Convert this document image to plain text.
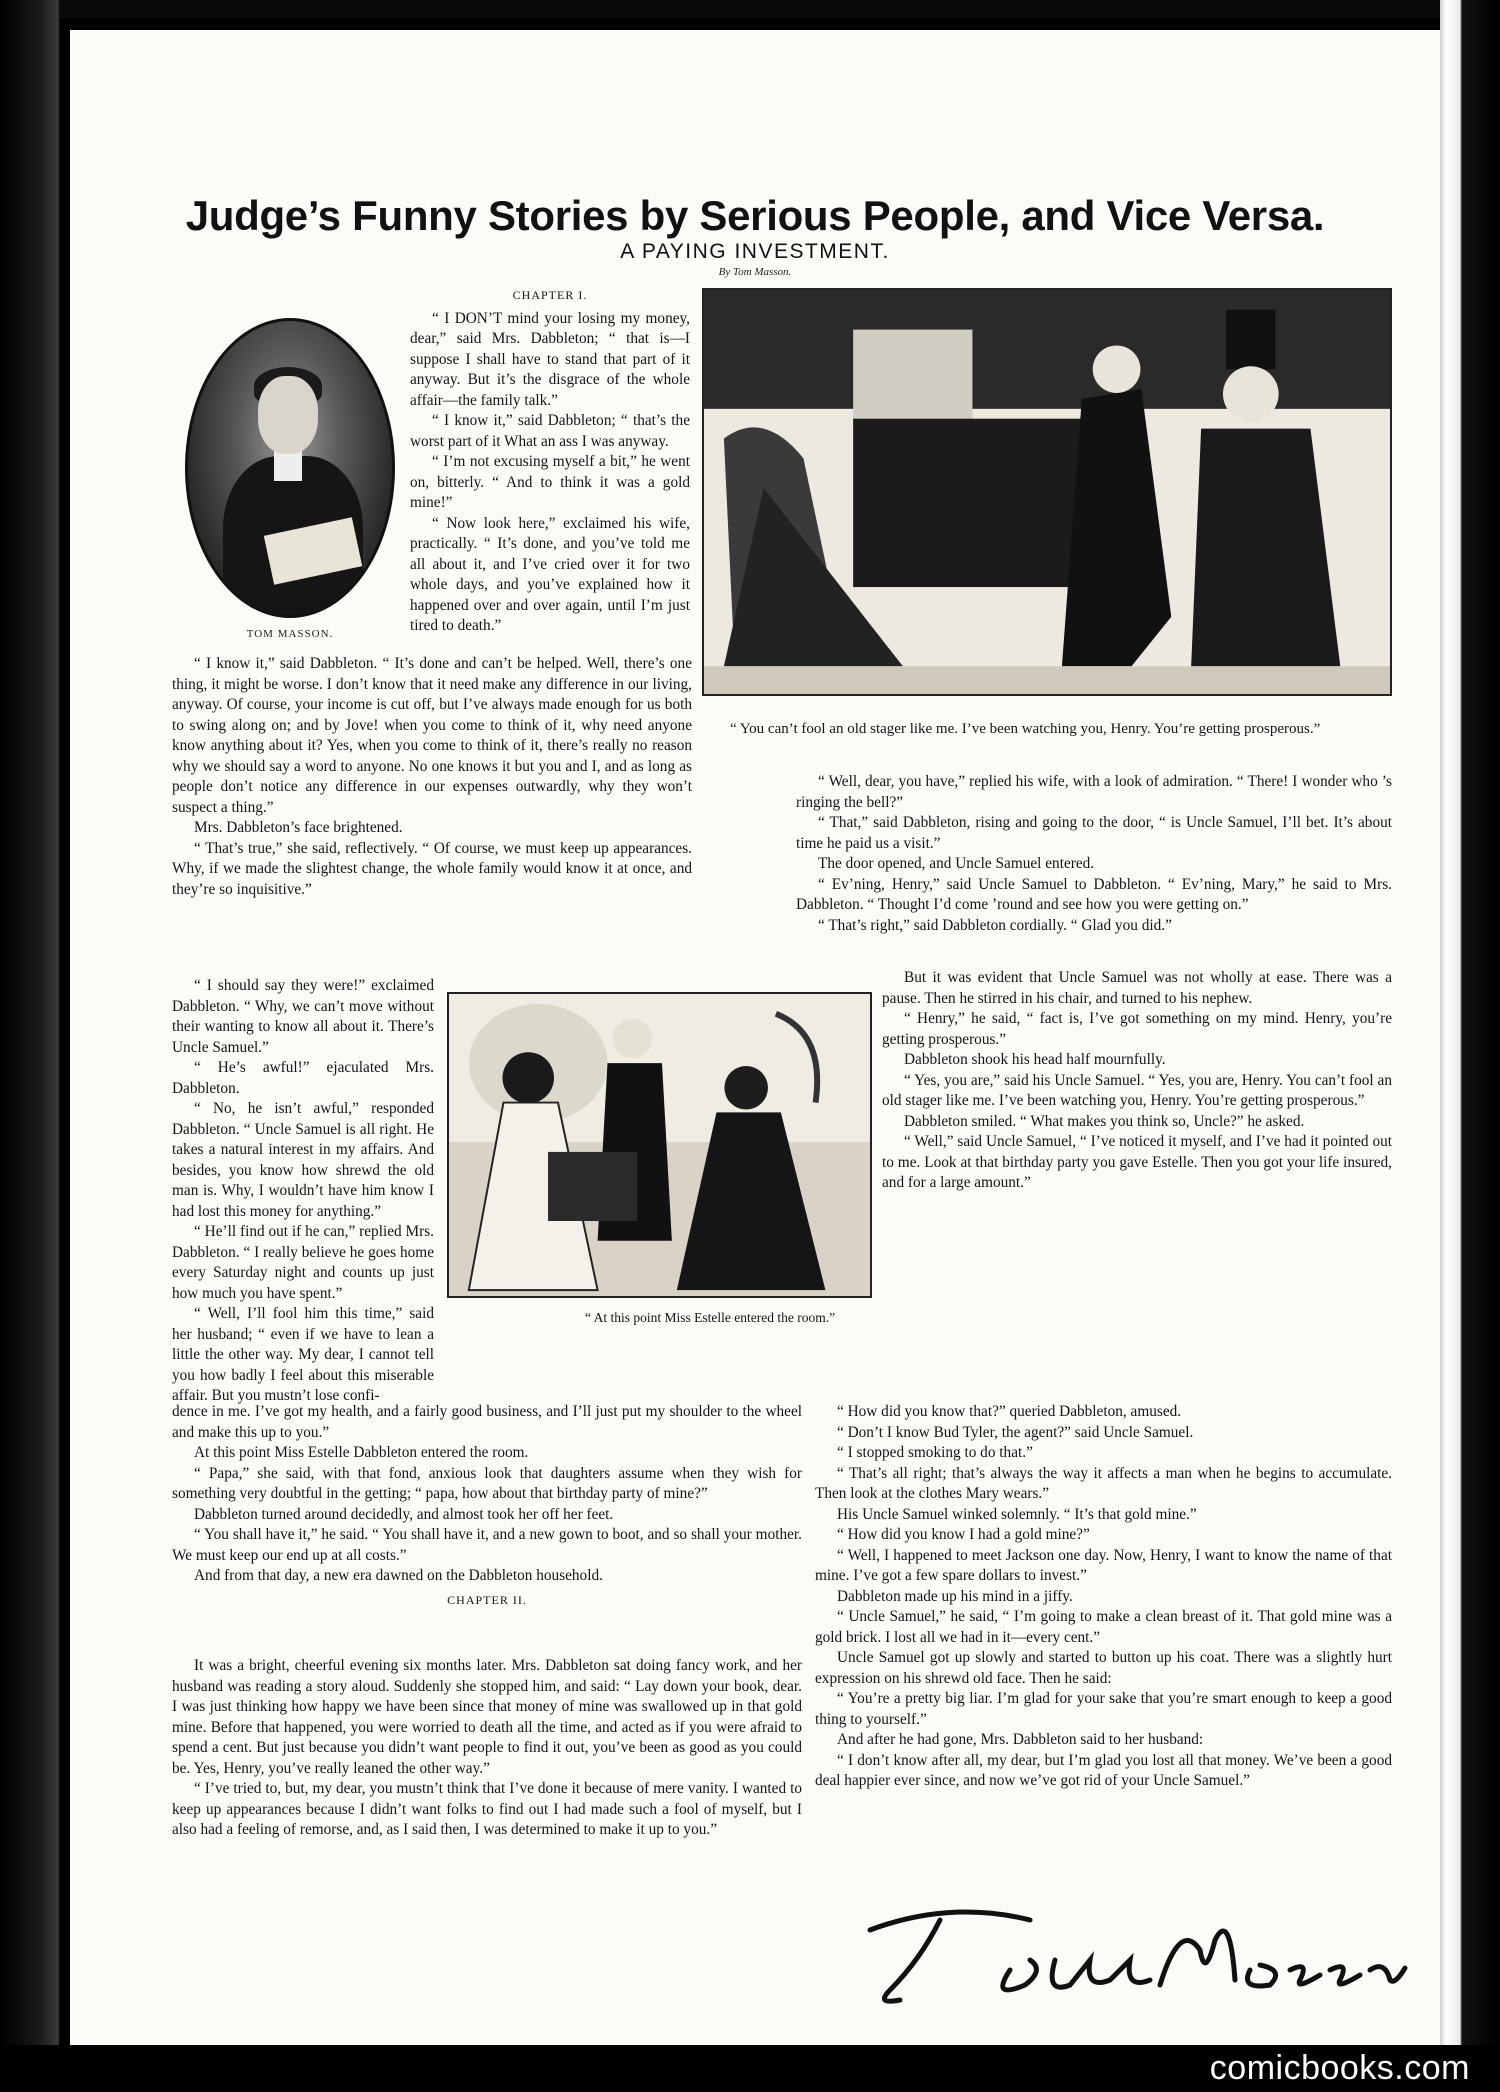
comicbooks.com
Judge’s Funny Stories by Serious People, and Vice Versa.
A PAYING INVESTMENT.
By Tom Masson.
TOM MASSON.

CHAPTER I.

“ I DON’T mind your losing my money, dear,” said Mrs. Dabbleton; “ that is—I suppose I shall have to stand that part of it anyway. But it’s the disgrace of the whole affair—the family talk.”

“ I know it,” said Dabbleton; “ that’s the worst part of it What an ass I was anyway.

“ I’m not excusing myself a bit,” he went on, bitterly. “ And to think it was a gold mine!”

“ Now look here,” exclaimed his wife, practically. “ It’s done, and you’ve told me all about it, and I’ve cried over it for two whole days, and you’ve explained how it happened over and over again, until I’m just tired to death.”

“ You can’t fool an old stager like me. I’ve been watching you, Henry. You’re getting prosperous.”

“ I know it,” said Dabbleton. “ It’s done and can’t be helped. Well, there’s one thing, it might be worse. I don’t know that it need make any difference in our living, anyway. Of course, your income is cut off, but I’ve always made enough for us both to swing along on; and by Jove! when you come to think of it, why need anyone know anything about it? Yes, when you come to think of it, there’s really no reason why we should say a word to anyone. No one knows it but you and I, and as long as people don’t notice any difference in our expenses outwardly, why they won’t suspect a thing.”

Mrs. Dabbleton’s face brightened.

“ That’s true,” she said, reflectively. “ Of course, we must keep up appearances. Why, if we made the slightest change, the whole family would know it at once, and they’re so inquisitive.”

“ I should say they were!” exclaimed Dabbleton. “ Why, we can’t move without their wanting to know all about it. There’s Uncle Samuel.”

“ He’s awful!” ejaculated Mrs. Dabbleton.

“ No, he isn’t awful,” responded Dabbleton. “ Uncle Samuel is all right. He takes a natural interest in my affairs. And besides, you know how shrewd the old man is. Why, I wouldn’t have him know I had lost this money for anything.”

“ He’ll find out if he can,” replied Mrs. Dabbleton. “ I really believe he goes home every Saturday night and counts up just how much you have spent.”

“ Well, I’ll fool him this time,” said her husband; “ even if we have to lean a little the other way. My dear, I cannot tell you how badly I feel about this miserable affair. But you mustn’t lose confi-

“ Well, dear, you have,” replied his wife, with a look of admiration. “ There! I wonder who ’s ringing the bell?”

“ That,” said Dabbleton, rising and going to the door, “ is Uncle Samuel, I’ll bet. It’s about time he paid us a visit.”

The door opened, and Uncle Samuel entered.

“ Ev’ning, Henry,” said Uncle Samuel to Dabbleton. “ Ev’ning, Mary,” he said to Mrs. Dabbleton. “ Thought I’d come ’round and see how you were getting on.”

“ That’s right,” said Dabbleton cordially. “ Glad you did.”

“ At this point Miss Estelle entered the room.”

But it was evident that Uncle Samuel was not wholly at ease. There was a pause. Then he stirred in his chair, and turned to his nephew.

“ Henry,” he said, “ fact is, I’ve got something on my mind. Henry, you’re getting prosperous.”

Dabbleton shook his head half mournfully.

“ Yes, you are,” said his Uncle Samuel. “ Yes, you are, Henry. You can’t fool an old stager like me. I’ve been watching you, Henry. You’re getting prosperous.”

Dabbleton smiled. “ What makes you think so, Uncle?” he asked.

“ Well,” said Uncle Samuel, “ I’ve noticed it myself, and I’ve had it pointed out to me. Look at that birthday party you gave Estelle. Then you got your life insured, and for a large amount.”

dence in me. I’ve got my health, and a fairly good business, and I’ll just put my shoulder to the wheel and make this up to you.”

At this point Miss Estelle Dabbleton entered the room.

“ Papa,” she said, with that fond, anxious look that daughters assume when they wish for something very doubtful in the getting; “ papa, how about that birthday party of mine?”

Dabbleton turned around decidedly, and almost took her off her feet.

“ You shall have it,” he said. “ You shall have it, and a new gown to boot, and so shall your mother. We must keep our end up at all costs.”

And from that day, a new era dawned on the Dabbleton household.

CHAPTER II.

It was a bright, cheerful evening six months later. Mrs. Dabbleton sat doing fancy work, and her husband was reading a story aloud. Suddenly she stopped him, and said: “ Lay down your book, dear. I was just thinking how happy we have been since that money of mine was swallowed up in that gold mine. Before that happened, you were worried to death all the time, and acted as if you were afraid to spend a cent. But just because you didn’t want people to find it out, you’ve been as good as you could be. Yes, Henry, you’ve really leaned the other way.”

“ I’ve tried to, but, my dear, you mustn’t think that I’ve done it because of mere vanity. I wanted to keep up appearances because I didn’t want folks to find out I had made such a fool of myself, but I also had a feeling of remorse, and, as I said then, I was determined to make it up to you.”

“ How did you know that?” queried Dabbleton, amused.

“ Don’t I know Bud Tyler, the agent?” said Uncle Samuel.

“ I stopped smoking to do that.”

“ That’s all right; that’s always the way it affects a man when he begins to accumulate. Then look at the clothes Mary wears.”

His Uncle Samuel winked solemnly. “ It’s that gold mine.”

“ How did you know I had a gold mine?”

“ Well, I happened to meet Jackson one day. Now, Henry, I want to know the name of that mine. I’ve got a few spare dollars to invest.”

Dabbleton made up his mind in a jiffy.

“ Uncle Samuel,” he said, “ I’m going to make a clean breast of it. That gold mine was a gold brick. I lost all we had in it—every cent.”

Uncle Samuel got up slowly and started to button up his coat. There was a slightly hurt expression on his shrewd old face. Then he said:

“ You’re a pretty big liar. I’m glad for your sake that you’re smart enough to keep a good thing to yourself.”

And after he had gone, Mrs. Dabbleton said to her husband:

“ I don’t know after all, my dear, but I’m glad you lost all that money. We’ve been a good deal happier ever since, and now we’ve got rid of your Uncle Samuel.”
